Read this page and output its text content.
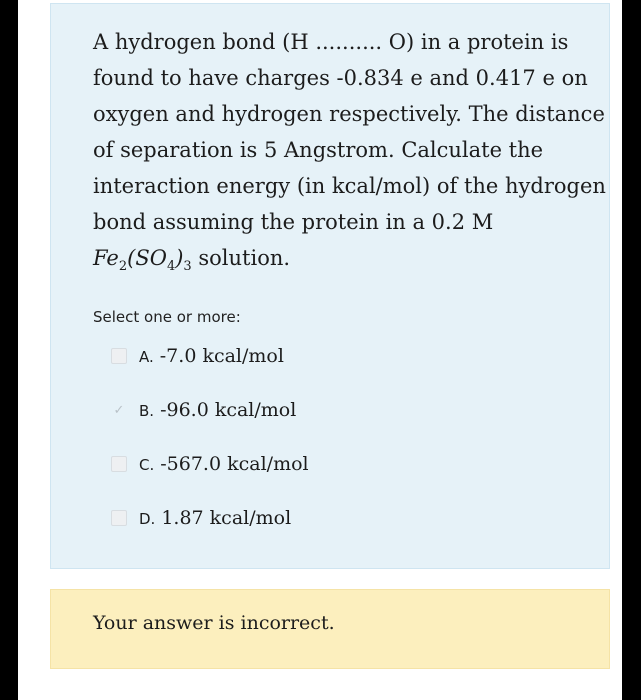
A hydrogen bond (H .......... O) in a protein is
found to have charges -0.834 e and 0.417 e on
oxygen and hydrogen respectively. The distance
of separation is 5 Angstrom. Calculate the
interaction energy (in kcal/mol) of the hydrogen
bond assuming the protein in a 0.2 M
$Fe_2(SO_4)_3$ solution.

Select one or more:
A. -7.0 kcal/mol
✓ B. -96.0 kcal/mol
C. -567.0 kcal/mol
D. 1.87 kcal/mol
Your answer is incorrect.
